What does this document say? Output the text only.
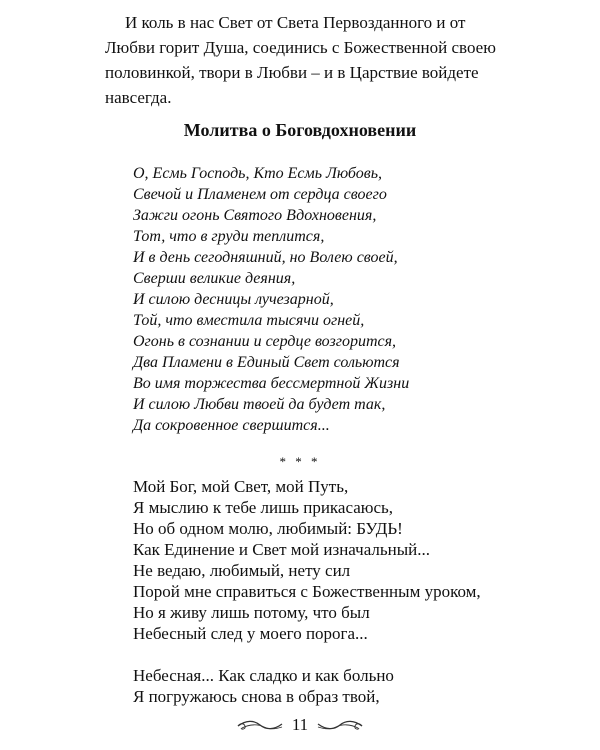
И коль в нас Свет от Света Первозданного и от
Любви горит Душа, соединись с Божественной своею
половинкой, твори в Любви – и в Царствие войдете
навсегда.
Молитва о Боговдохновении
О, Есмь Господь, Кто Есмь Любовь,
Свечой и Пламенем от сердца своего
Зажги огонь Святого Вдохновения,
Тот, что в груди теплится,
И в день сегодняшний, но Волею своей,
Сверши великие деяния,
И силою десницы лучезарной,
Той, что вместила тысячи огней,
Огонь в сознании и сердце возгорится,
Два Пламени в Единый Свет сольются
Во имя торжества бессмертной Жизни
И силою Любви твоей да будет так,
Да сокровенное свершится...
* * *
Мой Бог, мой Свет, мой Путь,
Я мыслию к тебе лишь прикасаюсь,
Но об одном молю, любимый: БУДЬ!
Как Единение и Свет мой изначальный...
Не ведаю, любимый, нету сил
Порой мне справиться с Божественным уроком,
Но я живу лишь потому, что был
Небесный след у моего порога...
Небесная... Как сладко и как больно
Я погружаюсь снова в образ твой,
11
